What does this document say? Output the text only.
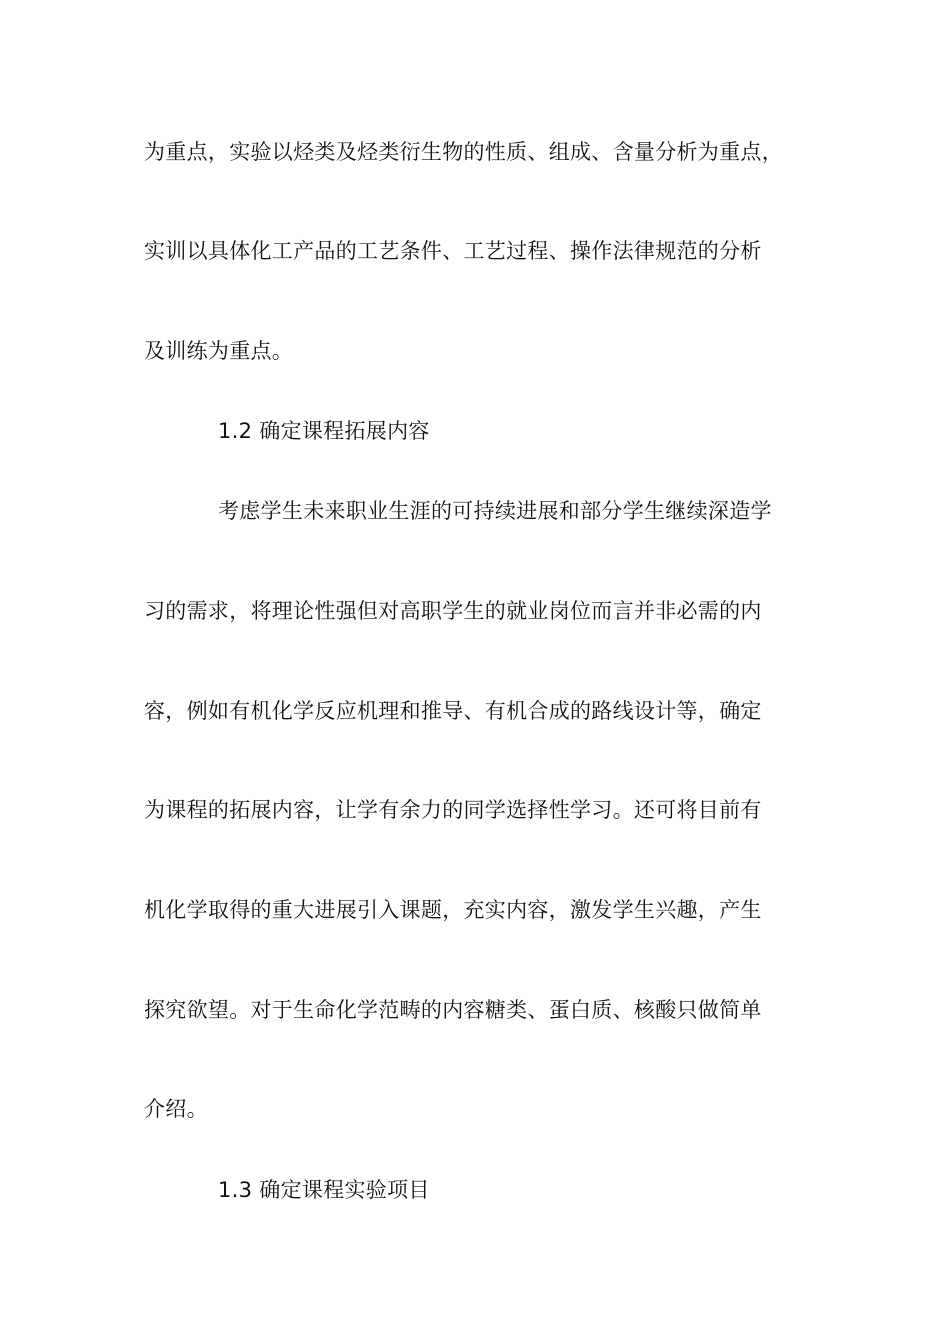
为重点，实验以烃类及烃类衍生物的性质、组成、含量分析为重点，
实训以具体化工产品的工艺条件、工艺过程、操作法律规范的分析
及训练为重点。
1.2 确定课程拓展内容
考虑学生未来职业生涯的可持续进展和部分学生继续深造学
习的需求，将理论性强但对高职学生的就业岗位而言并非必需的内
容，例如有机化学反应机理和推导、有机合成的路线设计等，确定
为课程的拓展内容，让学有余力的同学选择性学习。还可将目前有
机化学取得的重大进展引入课题，充实内容，激发学生兴趣，产生
探究欲望。对于生命化学范畴的内容糖类、蛋白质、核酸只做简单
介绍。
1.3 确定课程实验项目
